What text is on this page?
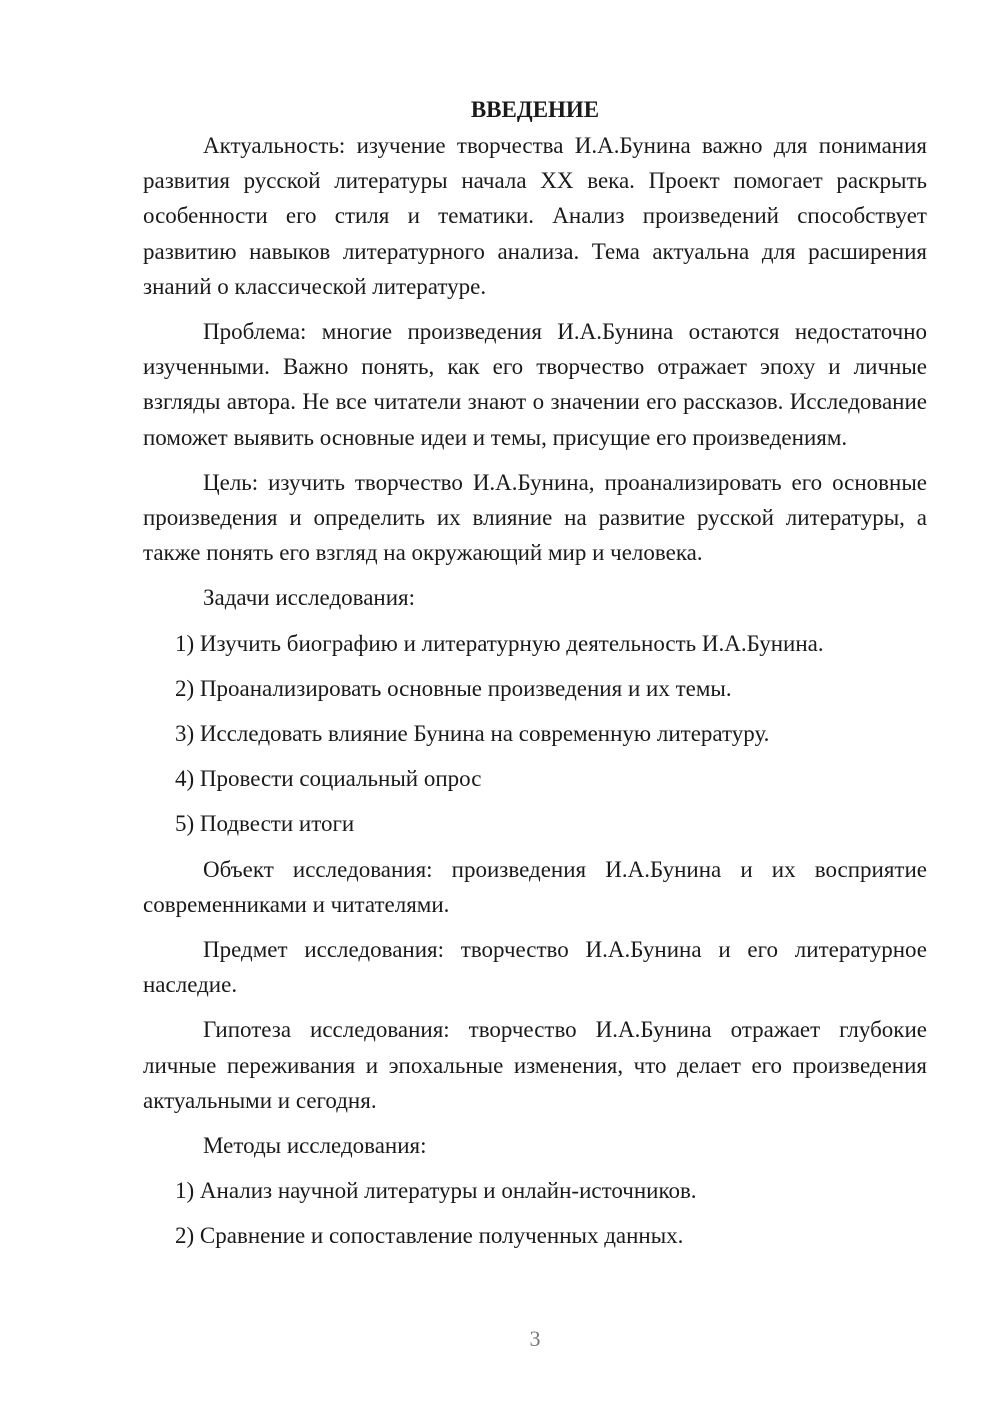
ВВЕДЕНИЕ
Актуальность: изучение творчества И.А.Бунина важно для понимания развития русской литературы начала XX века. Проект помогает раскрыть особенности его стиля и тематики. Анализ произведений способствует развитию навыков литературного анализа. Тема актуальна для расширения знаний о классической литературе.
Проблема: многие произведения И.А.Бунина остаются недостаточно изученными. Важно понять, как его творчество отражает эпоху и личные взгляды автора. Не все читатели знают о значении его рассказов. Исследование поможет выявить основные идеи и темы, присущие его произведениям.
Цель: изучить творчество И.А.Бунина, проанализировать его основные произведения и определить их влияние на развитие русской литературы, а также понять его взгляд на окружающий мир и человека.
Задачи исследования:
1) Изучить биографию и литературную деятельность И.А.Бунина.
2) Проанализировать основные произведения и их темы.
3) Исследовать влияние Бунина на современную литературу.
4) Провести социальный опрос
5) Подвести итоги
Объект исследования: произведения И.А.Бунина и их восприятие современниками и читателями.
Предмет исследования: творчество И.А.Бунина и его литературное наследие.
Гипотеза исследования: творчество И.А.Бунина отражает глубокие личные переживания и эпохальные изменения, что делает его произведения актуальными и сегодня.
Методы исследования:
1) Анализ научной литературы и онлайн-источников.
2) Сравнение и сопоставление полученных данных.
3
